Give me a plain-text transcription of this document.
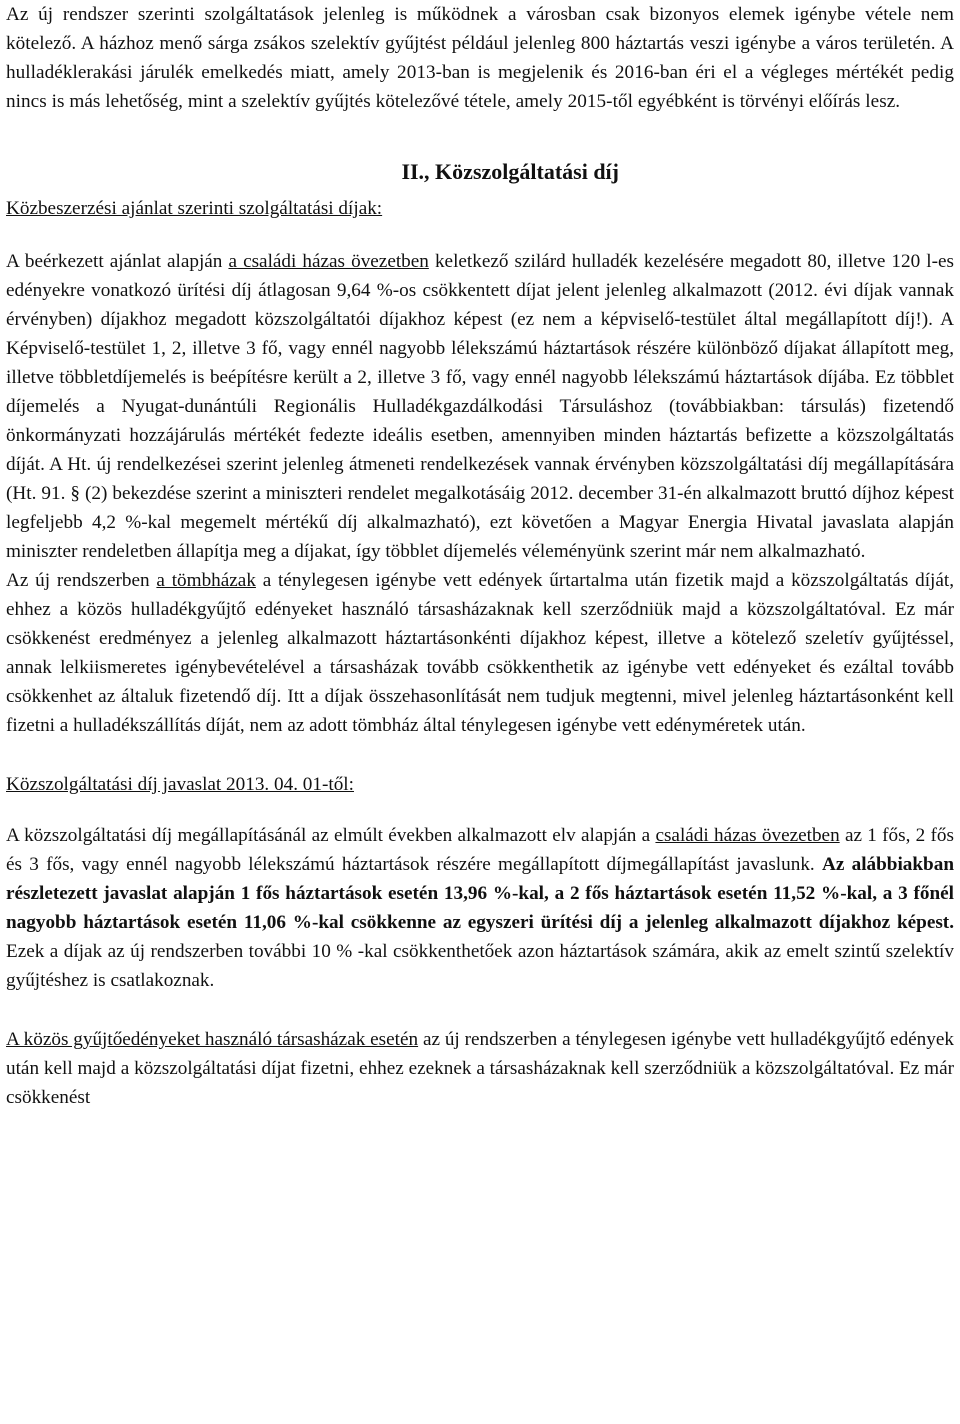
Az új rendszer szerinti szolgáltatások jelenleg is működnek a városban csak bizonyos elemek igénybe vétele nem kötelező. A házhoz menő sárga zsákos szelektív gyűjtést például jelenleg 800 háztartás veszi igénybe a város területén. A hulladéklerakási járulék emelkedés miatt, amely 2013-ban is megjelenik és 2016-ban éri el a végleges mértékét pedig nincs is más lehetőség, mint a szelektív gyűjtés kötelezővé tétele, amely 2015-től egyébként is törvényi előírás lesz.

II., Közszolgáltatási díj

Közbeszerzési ajánlat szerinti szolgáltatási díjak:

A beérkezett ajánlat alapján a családi házas övezetben keletkező szilárd hulladék kezelésére megadott 80, illetve 120 l-es edényekre vonatkozó ürítési díj átlagosan 9,64 %-os csökkentett díjat jelent jelenleg alkalmazott (2012. évi díjak vannak érvényben) díjakhoz megadott közszolgáltatói díjakhoz képest (ez nem a képviselő-testület által megállapított díj!). A Képviselő-testület 1, 2, illetve 3 fő, vagy ennél nagyobb lélekszámú háztartások részére különböző díjakat állapított meg, illetve többletdíjemelés is beépítésre került a 2, illetve 3 fő, vagy ennél nagyobb lélekszámú háztartások díjába. Ez többlet díjemelés a Nyugat-dunántúli Regionális Hulladékgazdálkodási Társuláshoz (továbbiakban: társulás) fizetendő önkormányzati hozzájárulás mértékét fedezte ideális esetben, amennyiben minden háztartás befizette a közszolgáltatás díját. A Ht. új rendelkezései szerint jelenleg átmeneti rendelkezések vannak érvényben közszolgáltatási díj megállapítására (Ht. 91. § (2) bekezdése szerint a miniszteri rendelet megalkotásáig 2012. december 31-én alkalmazott bruttó díjhoz képest legfeljebb 4,2 %-kal megemelt mértékű díj alkalmazható), ezt követően a Magyar Energia Hivatal javaslata alapján miniszter rendeletben állapítja meg a díjakat, így többlet díjemelés véleményünk szerint már nem alkalmazható.

Az új rendszerben a tömbházak a ténylegesen igénybe vett edények űrtartalma után fizetik majd a közszolgáltatás díját, ehhez a közös hulladékgyűjtő edényeket használó társasházaknak kell szerződniük majd a közszolgáltatóval. Ez már csökkenést eredményez a jelenleg alkalmazott háztartásonkénti díjakhoz képest, illetve a kötelező szeletív gyűjtéssel, annak lelkiismeretes igénybevételével a társasházak tovább csökkenthetik az igénybe vett edényeket és ezáltal tovább csökkenhet az általuk fizetendő díj. Itt a díjak összehasonlítását nem tudjuk megtenni, mivel jelenleg háztartásonként kell fizetni a hulladékszállítás díját, nem az adott tömbház által ténylegesen igénybe vett edényméretek után.

Közszolgáltatási díj javaslat 2013. 04. 01-től:

A közszolgáltatási díj megállapításánál az elmúlt években alkalmazott elv alapján a családi házas övezetben az 1 fős, 2 fős és 3 fős, vagy ennél nagyobb lélekszámú háztartások részére megállapított díjmegállapítást javaslunk. Az alábbiakban részletezett javaslat alapján 1 fős háztartások esetén 13,96 %-kal, a 2 fős háztartások esetén 11,52 %-kal, a 3 főnél nagyobb háztartások esetén 11,06 %-kal csökkenne az egyszeri ürítési díj a jelenleg alkalmazott díjakhoz képest. Ezek a díjak az új rendszerben további 10 % -kal csökkenthetőek azon háztartások számára, akik az emelt szintű szelektív gyűjtéshez is csatlakoznak.

A közös gyűjtőedényeket használó társasházak esetén az új rendszerben a ténylegesen igénybe vett hulladékgyűjtő edények után kell majd a közszolgáltatási díjat fizetni, ehhez ezeknek a társasházaknak kell szerződniük a közszolgáltatóval. Ez már csökkenést
